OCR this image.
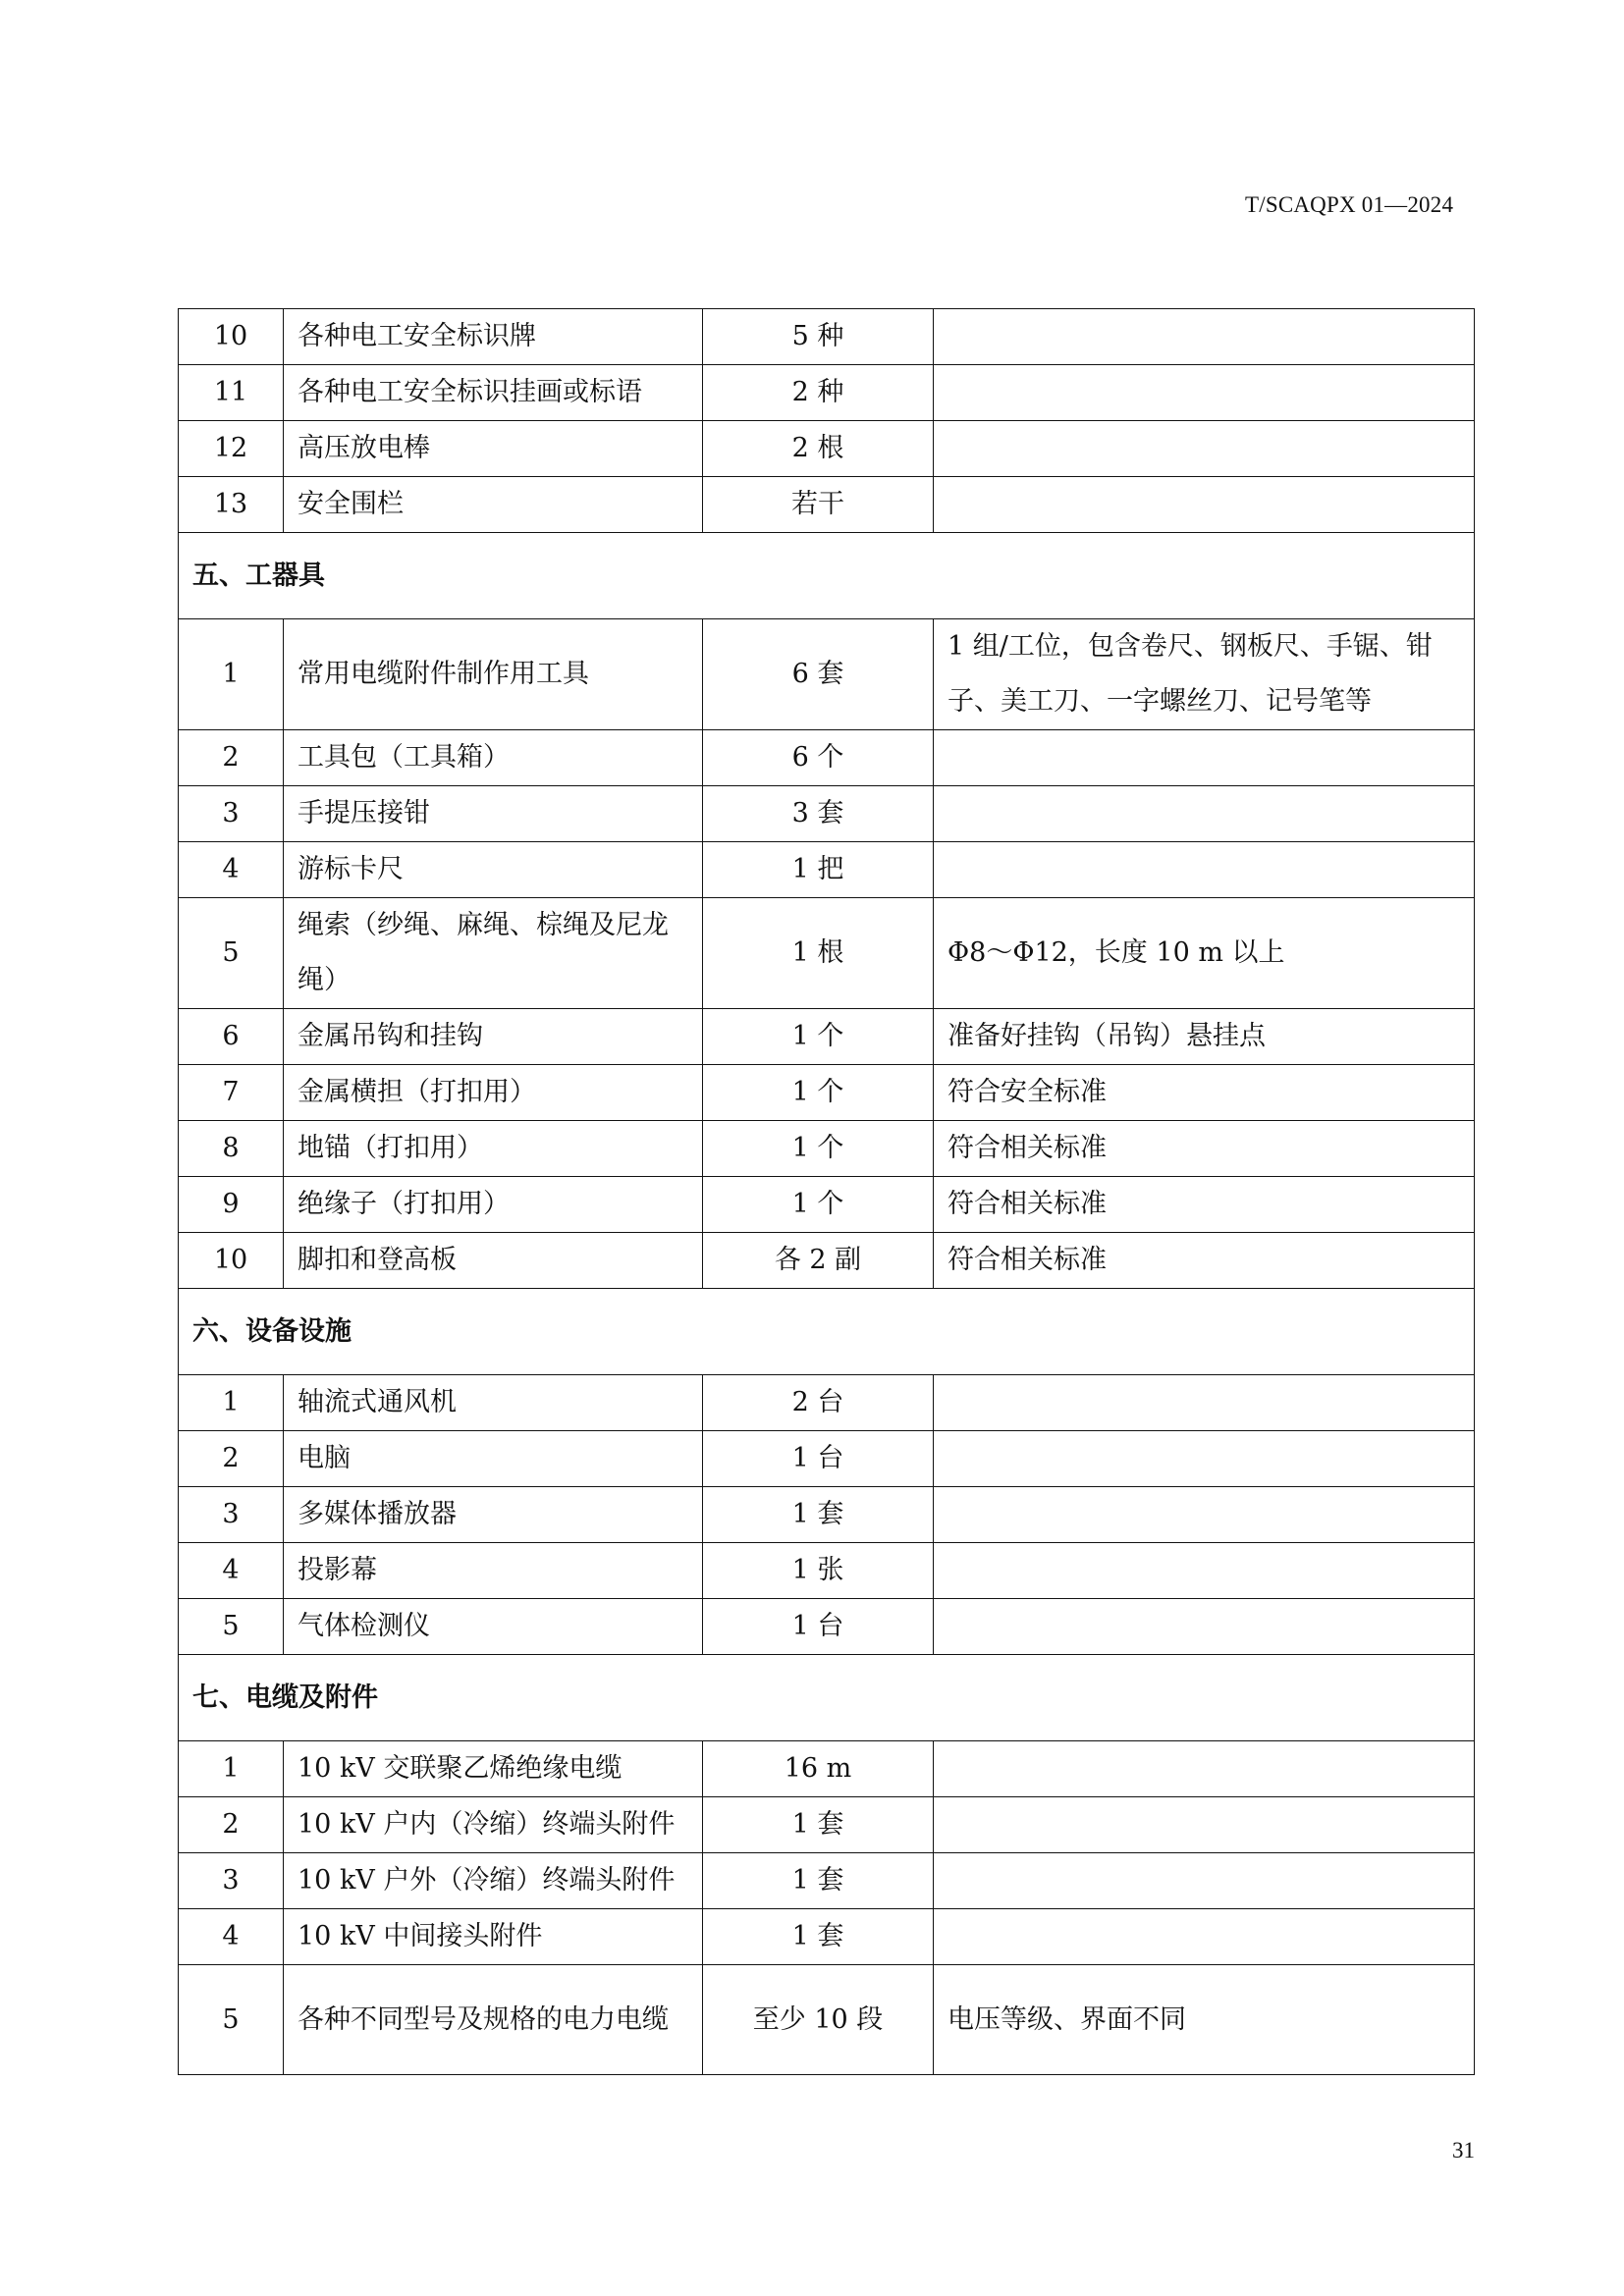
T/SCAQPX 01—2024
10	各种电工安全标识牌	5 种	
11	各种电工安全标识挂画或标语	2 种	
12	高压放电棒	2 根	
13	安全围栏	若干	
五、工器具			
1	常用电缆附件制作用工具	6 套	1 组/工位，包含卷尺、钢板尺、手锯、钳子、美工刀、一字螺丝刀、记号笔等
2	工具包（工具箱）	6 个	
3	手提压接钳	3 套	
4	游标卡尺	1 把	
5	绳索（纱绳、麻绳、棕绳及尼龙绳）	1 根	Φ8～Φ12，长度 10 m 以上
6	金属吊钩和挂钩	1 个	准备好挂钩（吊钩）悬挂点
7	金属横担（打扣用）	1 个	符合安全标准
8	地锚（打扣用）	1 个	符合相关标准
9	绝缘子（打扣用）	1 个	符合相关标准
10	脚扣和登高板	各 2 副	符合相关标准
六、设备设施			
1	轴流式通风机	2 台	
2	电脑	1 台	
3	多媒体播放器	1 套	
4	投影幕	1 张	
5	气体检测仪	1 台	
七、电缆及附件			
1	10 kV 交联聚乙烯绝缘电缆	16 m	
2	10 kV 户内（冷缩）终端头附件	1 套	
3	10 kV 户外（冷缩）终端头附件	1 套	
4	10 kV 中间接头附件	1 套	
5	各种不同型号及规格的电力电缆	至少 10 段	电压等级、界面不同
31
